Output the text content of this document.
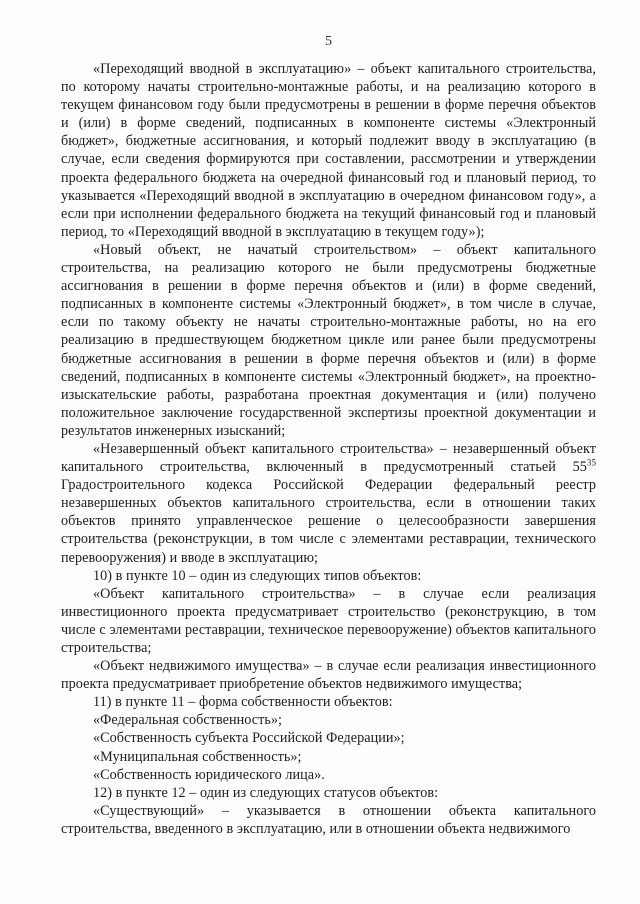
5

«Переходящий вводной в эксплуатацию» – объект капитального строительства, по которому начаты строительно-монтажные работы, и на реализацию которого в текущем финансовом году были предусмотрены в решении в форме перечня объектов и (или) в форме сведений, подписанных в компоненте системы «Электронный бюджет», бюджетные ассигнования, и который подлежит вводу в эксплуатацию (в случае, если сведения формируются при составлении, рассмотрении и утверждении проекта федерального бюджета на очередной финансовый год и плановый период, то указывается «Переходящий вводной в эксплуатацию в очередном финансовом году», а если при исполнении федерального бюджета на текущий финансовый год и плановый период, то «Переходящий вводной в эксплуатацию в текущем году»);

«Новый объект, не начатый строительством» – объект капитального строительства, на реализацию которого не были предусмотрены бюджетные ассигнования в решении в форме перечня объектов и (или) в форме сведений, подписанных в компоненте системы «Электронный бюджет», в том числе в случае, если по такому объекту не начаты строительно-монтажные работы, но на его реализацию в предшествующем бюджетном цикле или ранее были предусмотрены бюджетные ассигнования в решении в форме перечня объектов и (или) в форме сведений, подписанных в компоненте системы «Электронный бюджет», на проектно-изыскательские работы, разработана проектная документация и (или) получено положительное заключение государственной экспертизы проектной документации и результатов инженерных изысканий;

«Незавершенный объект капитального строительства» – незавершенный объект капитального строительства, включенный в предусмотренный статьей $55^{35}$ Градостроительного кодекса Российской Федерации федеральный реестр незавершенных объектов капитального строительства, если в отношении таких объектов принято управленческое решение о целесообразности завершения строительства (реконструкции, в том числе с элементами реставрации, технического перевооружения) и вводе в эксплуатацию;

10) в пункте 10 – один из следующих типов объектов:

«Объект капитального строительства» – в случае если реализация инвестиционного проекта предусматривает строительство (реконструкцию, в том числе с элементами реставрации, техническое перевооружение) объектов капитального строительства;

«Объект недвижимого имущества» – в случае если реализация инвестиционного проекта предусматривает приобретение объектов недвижимого имущества;

11) в пункте 11 – форма собственности объектов:

«Федеральная собственность»;

«Собственность субъекта Российской Федерации»;

«Муниципальная собственность»;

«Собственность юридического лица».

12) в пункте 12 – один из следующих статусов объектов:

«Существующий» – указывается в отношении объекта капитального строительства, введенного в эксплуатацию, или в отношении объекта недвижимого
